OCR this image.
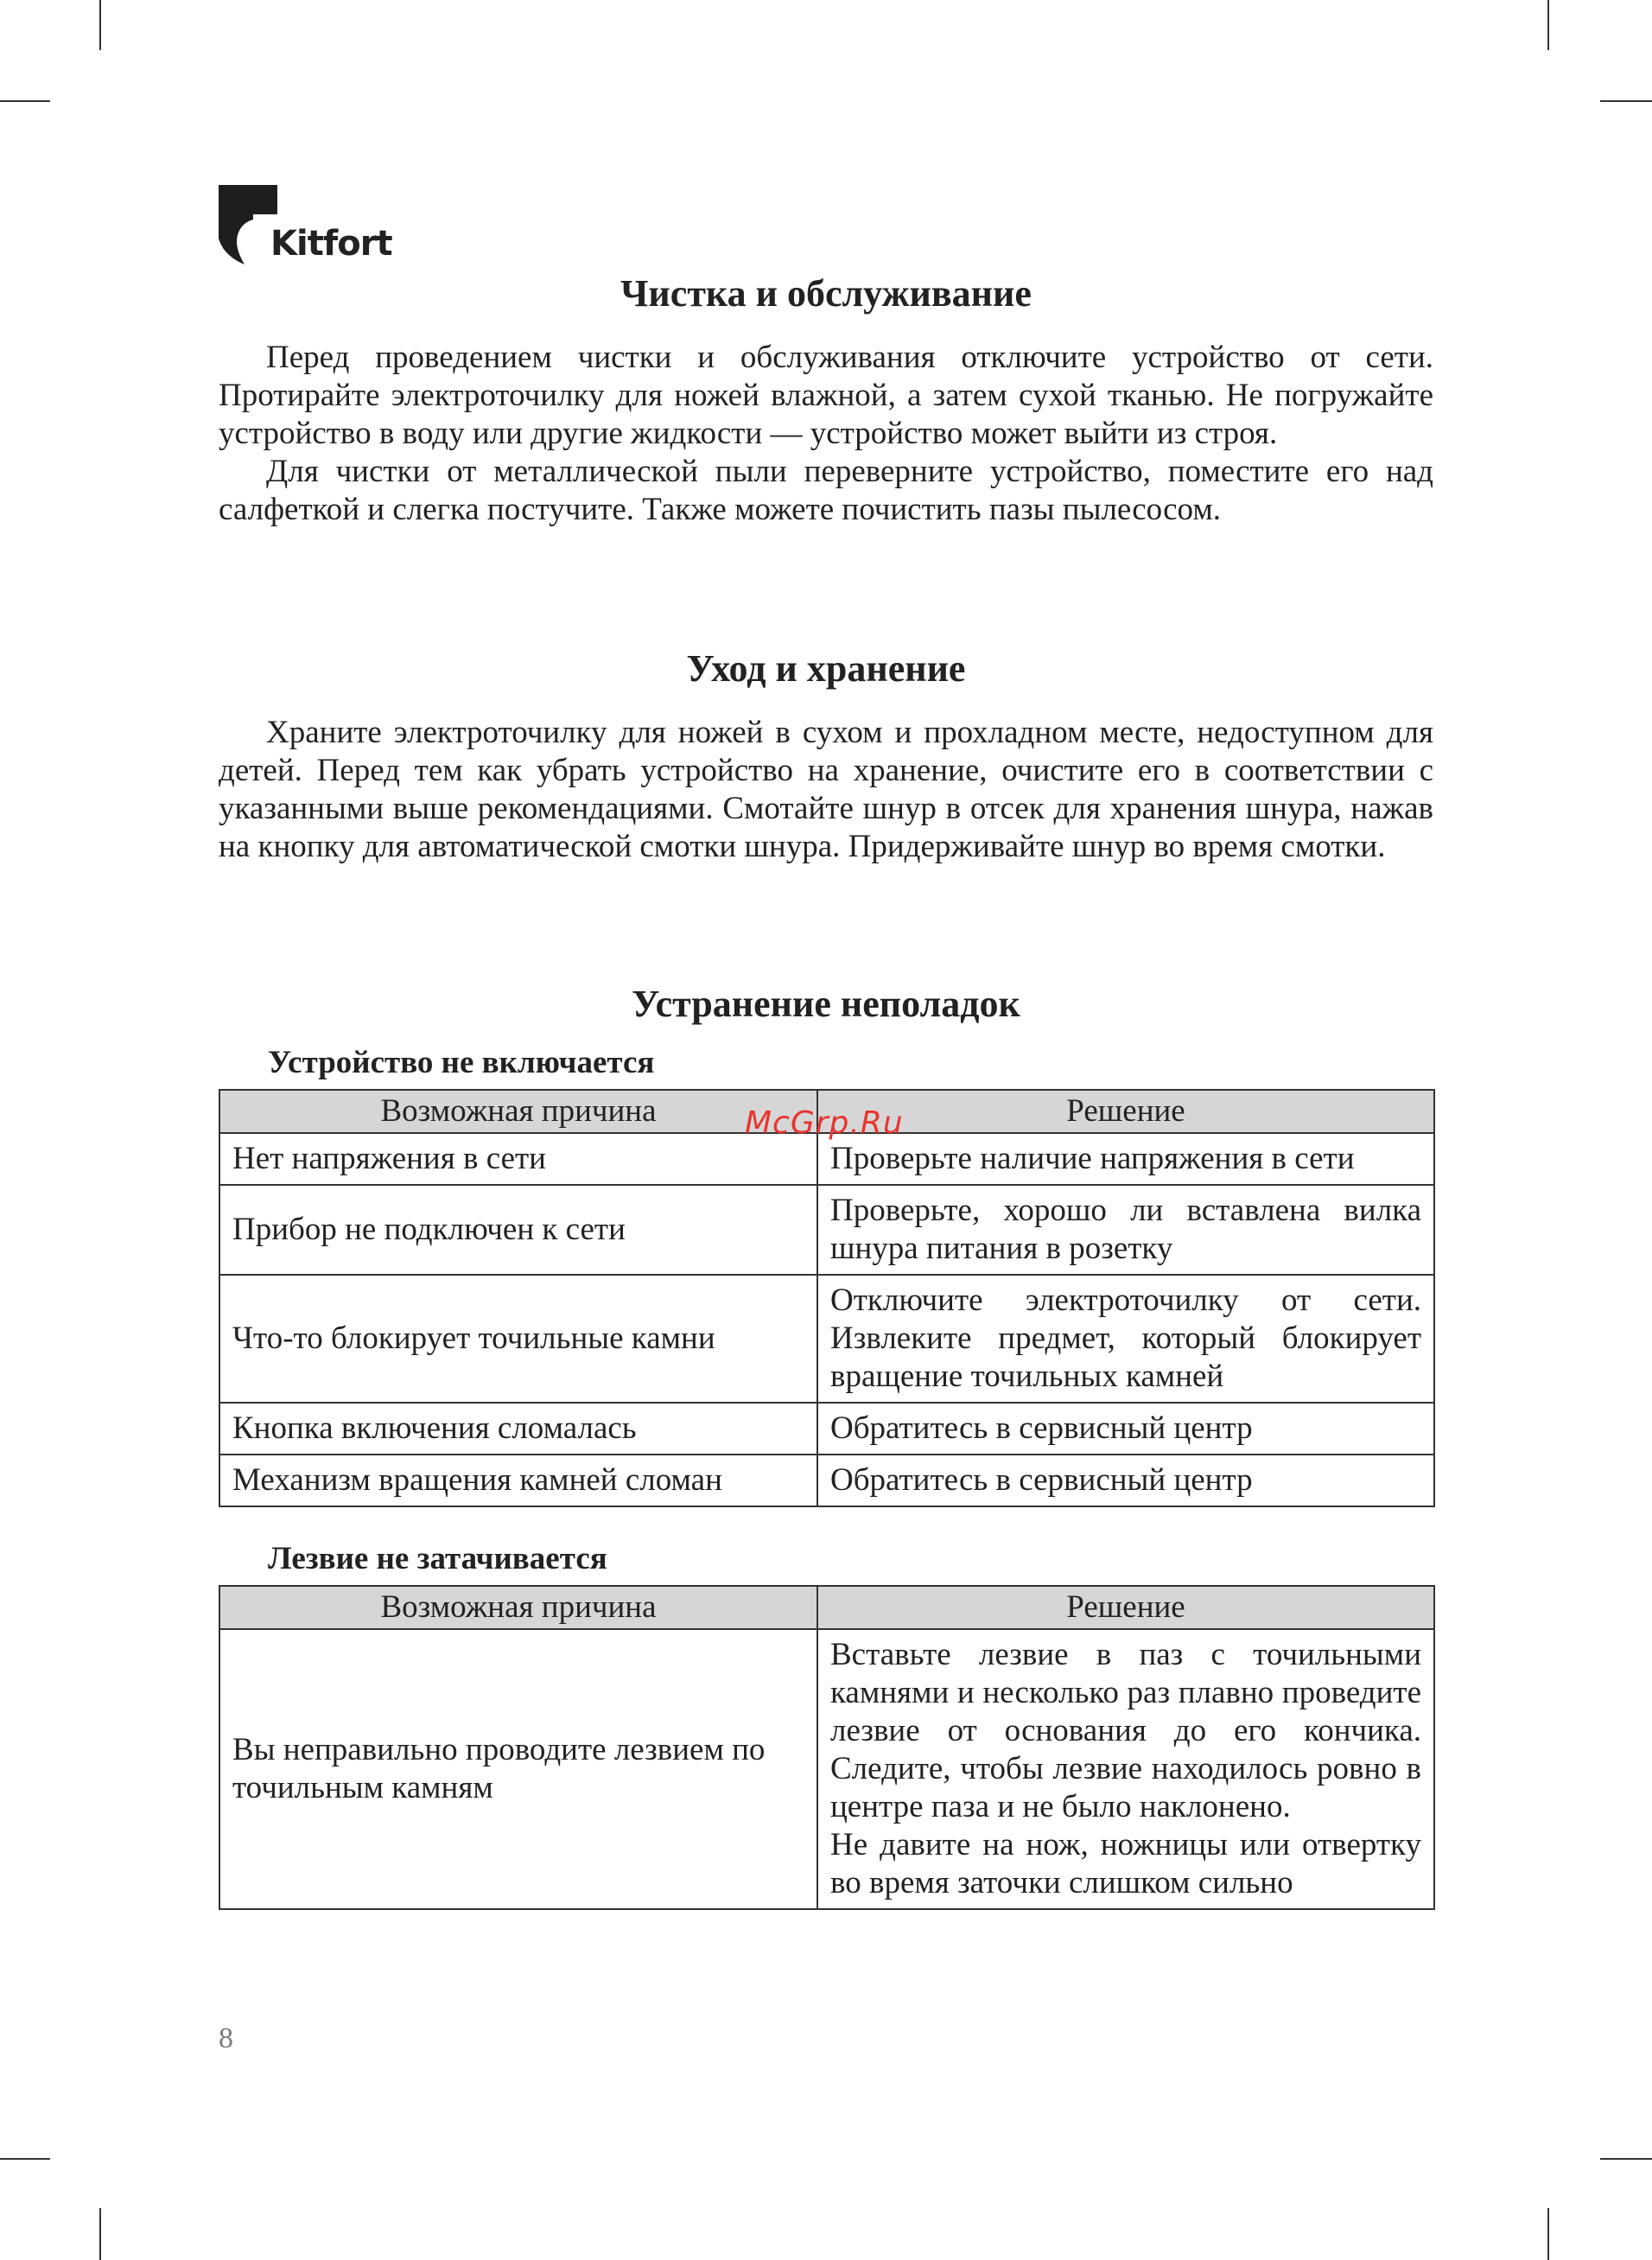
Kitfort
Чистка и обслуживание

Перед проведением чистки и обслуживания отключите устройство от сети. Протирайте электроточилку для ножей влажной, а затем сухой тканью. Не погружайте устройство в воду или другие жидкости — устройство может выйти из строя.

Для чистки от металлической пыли переверните устройство, поместите его над салфеткой и слегка постучите. Также можете почистить пазы пылесосом.

Уход и хранение

Храните электроточилку для ножей в сухом и прохладном месте, недоступном для детей. Перед тем как убрать устройство на хранение, очистите его в соответствии с указанными выше рекомендациями. Смотайте шнур в отсек для хранения шнура, нажав на кнопку для автоматической смотки шнура. Придерживайте шнур во время смотки.

Устранение неполадок
Устройство не включается
Возможная причина	Решение
Нет напряжения в сети	Проверьте наличие напряжения в сети
Прибор не подключен к сети	Проверьте, хорошо ли вставлена вилка шнура питания в розетку
Что-то блокирует точильные камни	Отключите электроточилку от сети. Извлеките предмет, который блокирует вращение точильных камней
Кнопка включения сломалась	Обратитесь в сервисный центр
Механизм вращения камней сломан	Обратитесь в сервисный центр
Лезвие не затачивается
Возможная причина	Решение
Вы неправильно проводите лезвием по точильным камням	Вставьте лезвие в паз с точильными камнями и несколько раз плавно проведите лезвие от основания до его кончика. Следите, чтобы лезвие находилось ровно в центре паза и не было наклонено.
Не давите на нож, ножницы или отвертку во время заточки слишком сильно
McGrp.Ru
8
